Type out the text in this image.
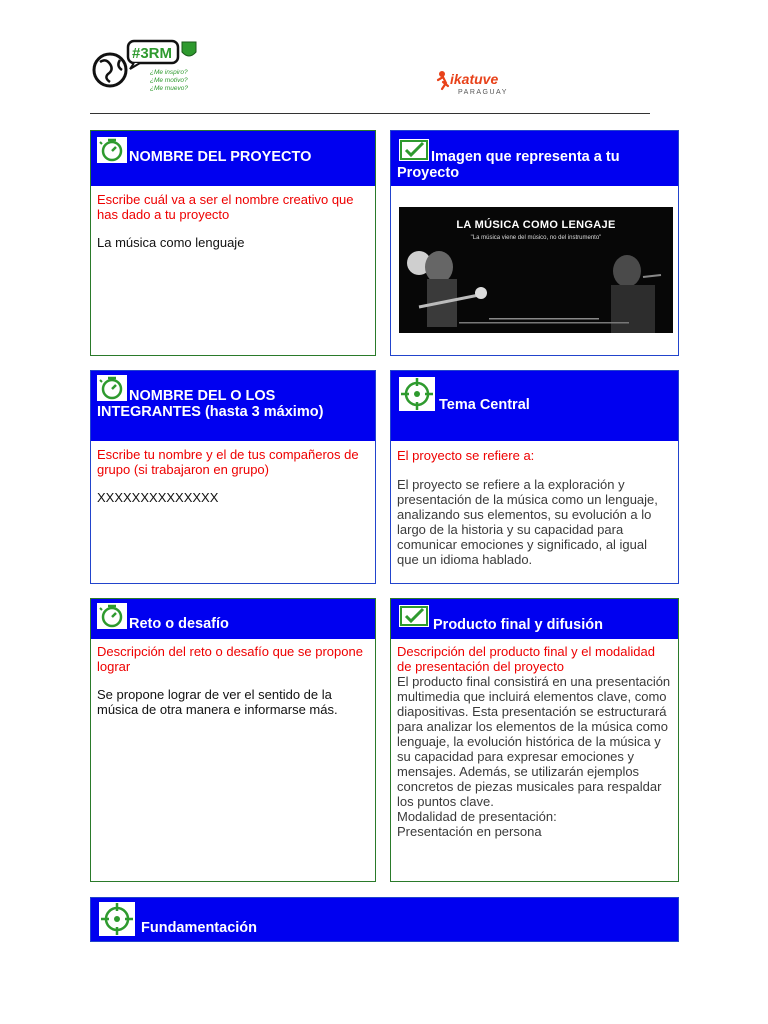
#3RM
¿Me inspiro?
¿Me motivo?
¿Me muevo?
ikatuve
PARAGUAY
NOMBRE DEL PROYECTO
Escribe cuál va a ser el nombre creativo que has dado a tu proyecto
La música como lenguaje
Imagen que representa a tu Proyecto
LA MÚSICA COMO LENGAJE
"La música viene del músico, no del instrumento"
NOMBRE DEL O LOS INTEGRANTES (hasta 3 máximo)
Escribe tu nombre y el de tus compañeros de grupo (si trabajaron en grupo)
XXXXXXXXXXXXXX
Tema Central
El proyecto se refiere a:
El proyecto se refiere a la exploración y presentación de la música como un lenguaje, analizando sus elementos, su evolución a lo largo de la historia y su capacidad para comunicar emociones y significado, al igual que un idioma hablado.
Reto o desafío
Descripción del reto o desafío que se propone lograr
Se propone lograr de ver el sentido de la música de otra manera e informarse más.
Producto final y difusión
Descripción del producto final y el modalidad de presentación del proyecto
El producto final consistirá en una presentación multimedia que incluirá elementos clave, como diapositivas. Esta presentación se estructurará para analizar los elementos de la música como lenguaje, la evolución histórica de la música y su capacidad para expresar emociones y mensajes. Además, se utilizarán ejemplos concretos de piezas musicales para respaldar los puntos clave.
Modalidad de presentación:
Presentación en persona
Fundamentación
